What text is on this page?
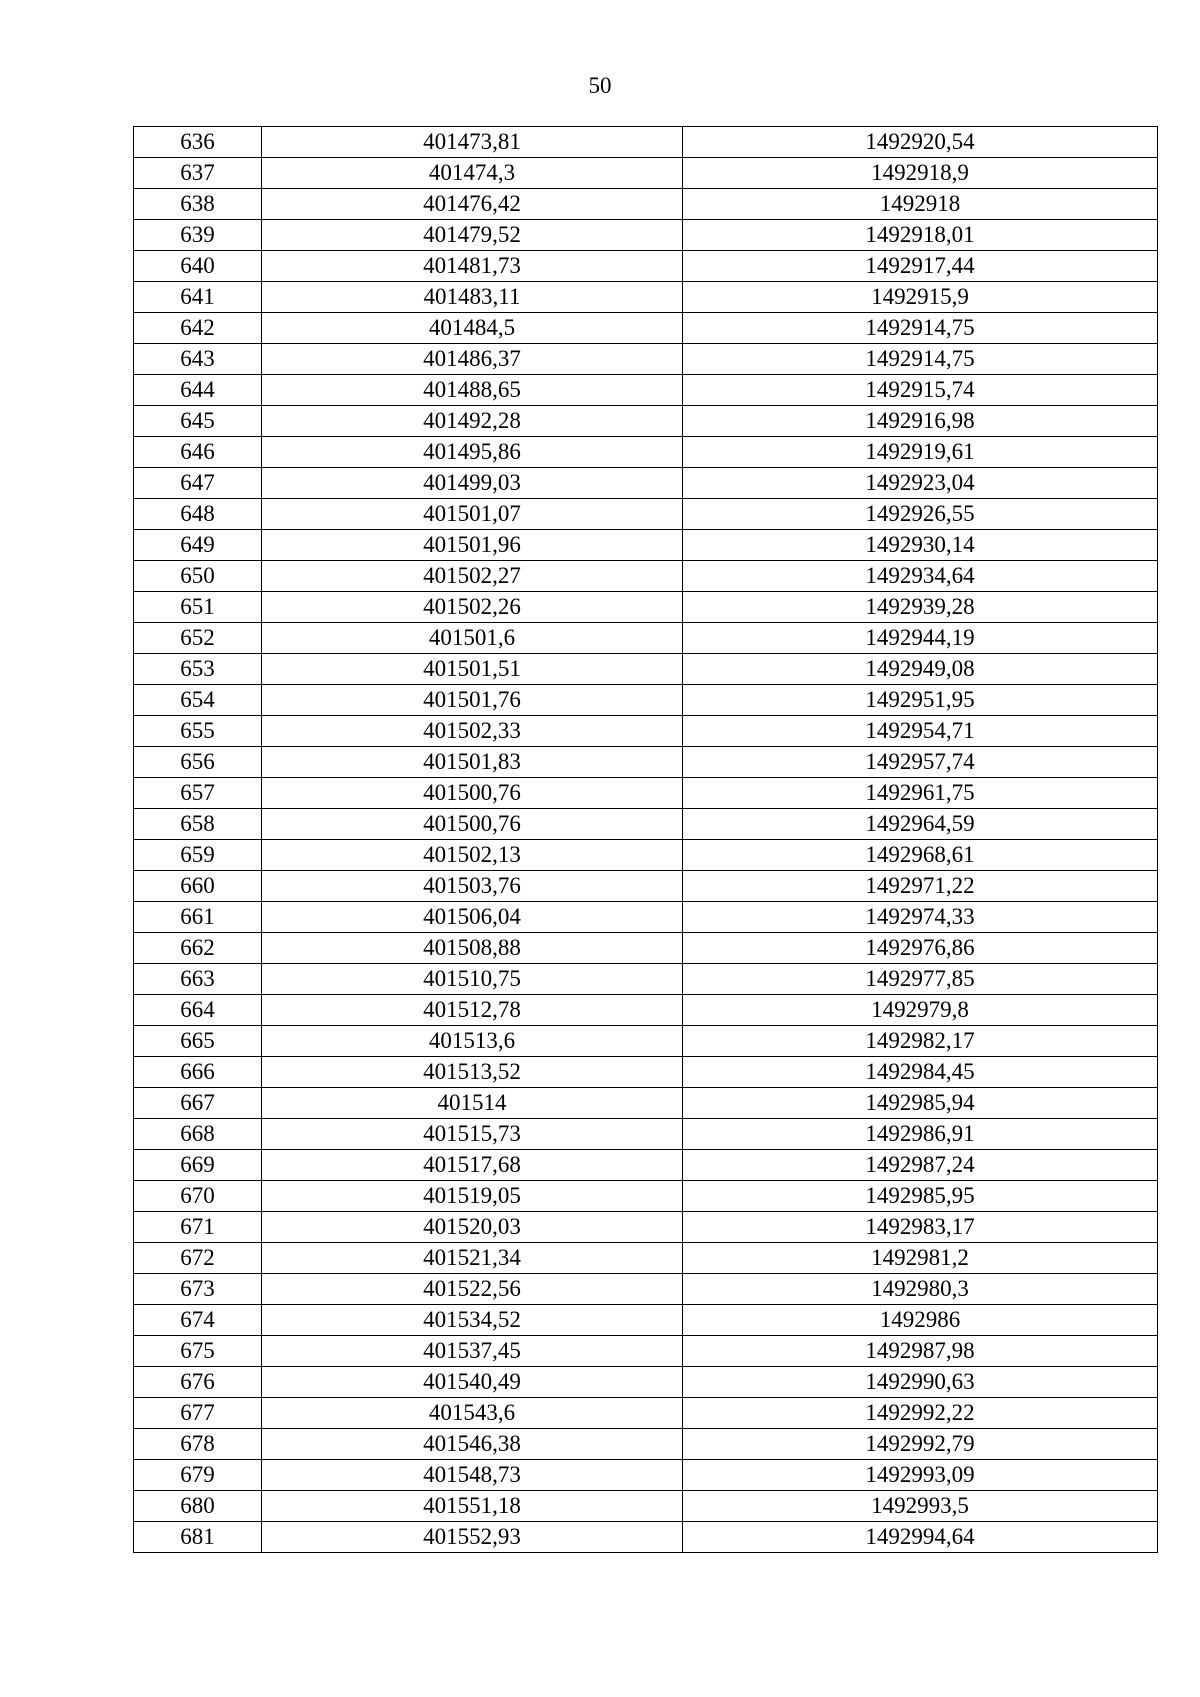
50
636	401473,81	1492920,54
637	401474,3	1492918,9
638	401476,42	1492918
639	401479,52	1492918,01
640	401481,73	1492917,44
641	401483,11	1492915,9
642	401484,5	1492914,75
643	401486,37	1492914,75
644	401488,65	1492915,74
645	401492,28	1492916,98
646	401495,86	1492919,61
647	401499,03	1492923,04
648	401501,07	1492926,55
649	401501,96	1492930,14
650	401502,27	1492934,64
651	401502,26	1492939,28
652	401501,6	1492944,19
653	401501,51	1492949,08
654	401501,76	1492951,95
655	401502,33	1492954,71
656	401501,83	1492957,74
657	401500,76	1492961,75
658	401500,76	1492964,59
659	401502,13	1492968,61
660	401503,76	1492971,22
661	401506,04	1492974,33
662	401508,88	1492976,86
663	401510,75	1492977,85
664	401512,78	1492979,8
665	401513,6	1492982,17
666	401513,52	1492984,45
667	401514	1492985,94
668	401515,73	1492986,91
669	401517,68	1492987,24
670	401519,05	1492985,95
671	401520,03	1492983,17
672	401521,34	1492981,2
673	401522,56	1492980,3
674	401534,52	1492986
675	401537,45	1492987,98
676	401540,49	1492990,63
677	401543,6	1492992,22
678	401546,38	1492992,79
679	401548,73	1492993,09
680	401551,18	1492993,5
681	401552,93	1492994,64
